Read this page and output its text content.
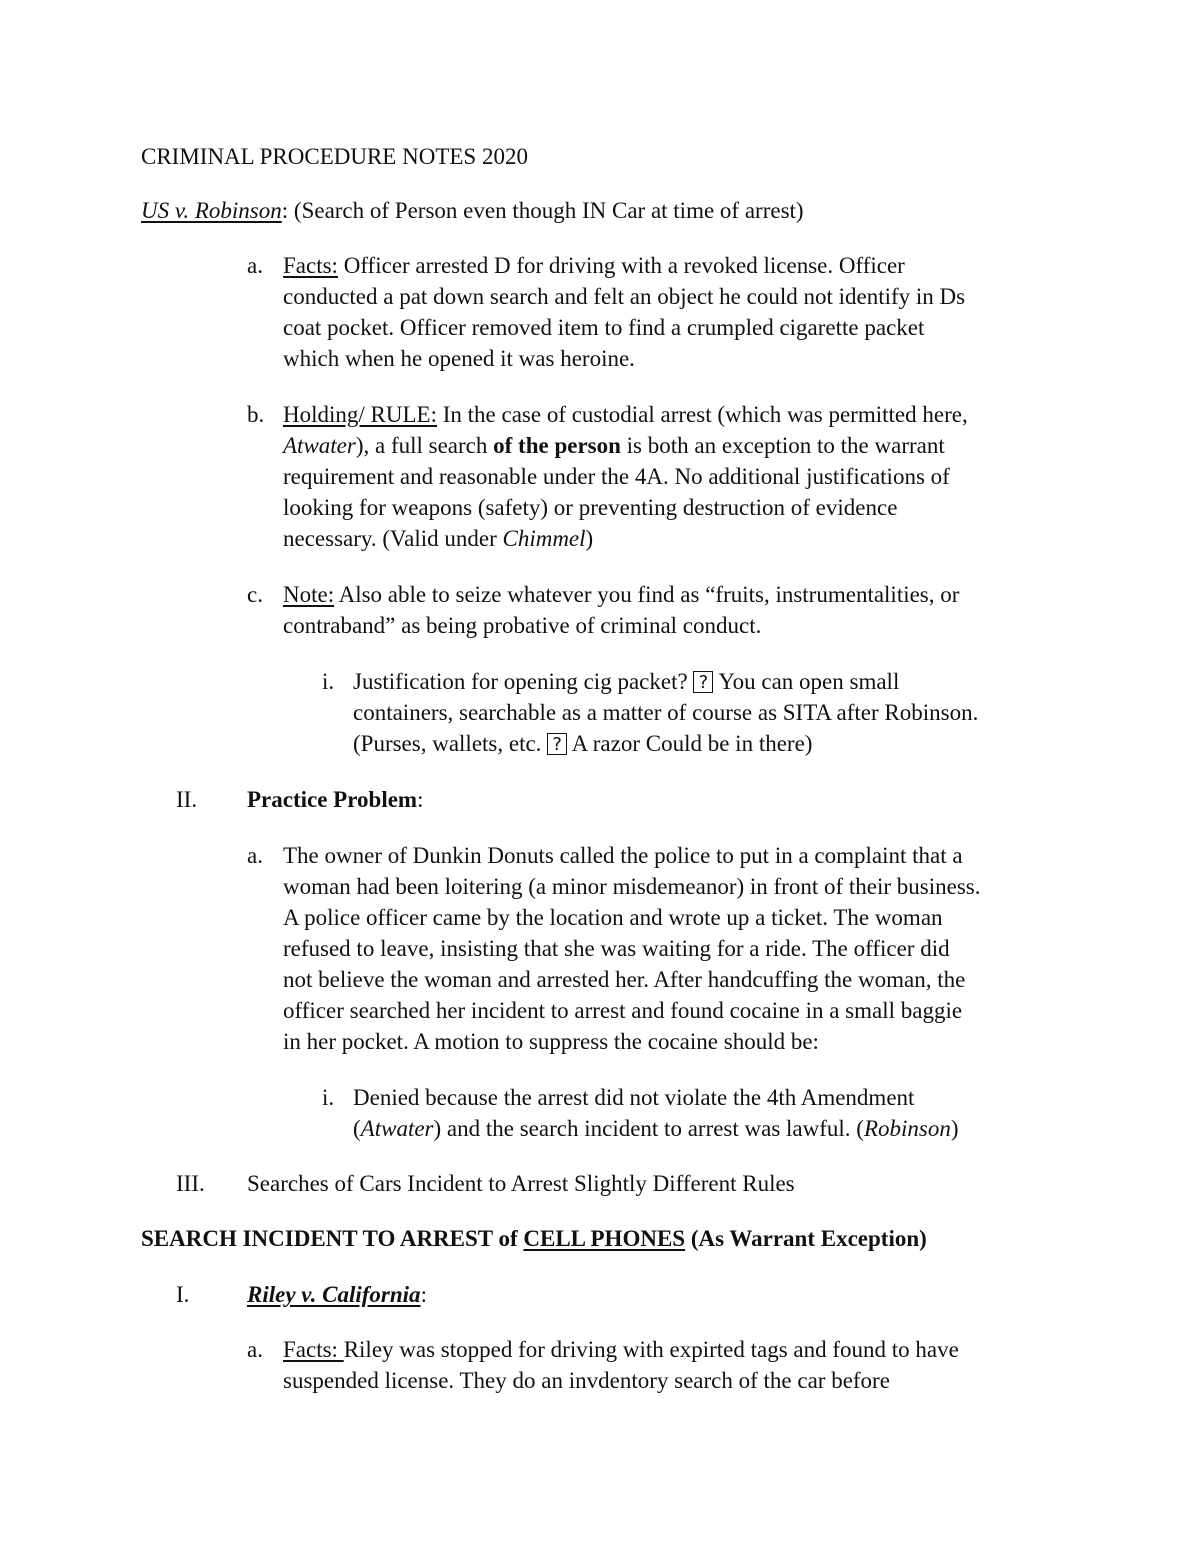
CRIMINAL PROCEDURE NOTES 2020
US v. Robinson: (Search of Person even though IN Car at time of arrest)
a. Facts: Officer arrested D for driving with a revoked license. Officer
conducted a pat down search and felt an object he could not identify in Ds
coat pocket. Officer removed item to find a crumpled cigarette packet
which when he opened it was heroine.
b. Holding/ RULE: In the case of custodial arrest (which was permitted here,
Atwater), a full search of the person is both an exception to the warrant
requirement and reasonable under the 4A. No additional justifications of
looking for weapons (safety) or preventing destruction of evidence
necessary. (Valid under Chimmel)
c. Note: Also able to seize whatever you find as “fruits, instrumentalities, or
contraband” as being probative of criminal conduct.
i. Justification for opening cig packet? ? You can open small
containers, searchable as a matter of course as SITA after Robinson.
(Purses, wallets, etc. ? A razor Could be in there)
II. Practice Problem:
a. The owner of Dunkin Donuts called the police to put in a complaint that a
woman had been loitering (a minor misdemeanor) in front of their business.
A police officer came by the location and wrote up a ticket. The woman
refused to leave, insisting that she was waiting for a ride. The officer did
not believe the woman and arrested her. After handcuffing the woman, the
officer searched her incident to arrest and found cocaine in a small baggie
in her pocket. A motion to suppress the cocaine should be:
i. Denied because the arrest did not violate the 4th Amendment
(Atwater) and the search incident to arrest was lawful. (Robinson)
III. Searches of Cars Incident to Arrest Slightly Different Rules
SEARCH INCIDENT TO ARREST of CELL PHONES (As Warrant Exception)
I.	Riley v. California:
a. Facts: Riley was stopped for driving with expirted tags and found to have
suspended license. They do an invdentory search of the car before
